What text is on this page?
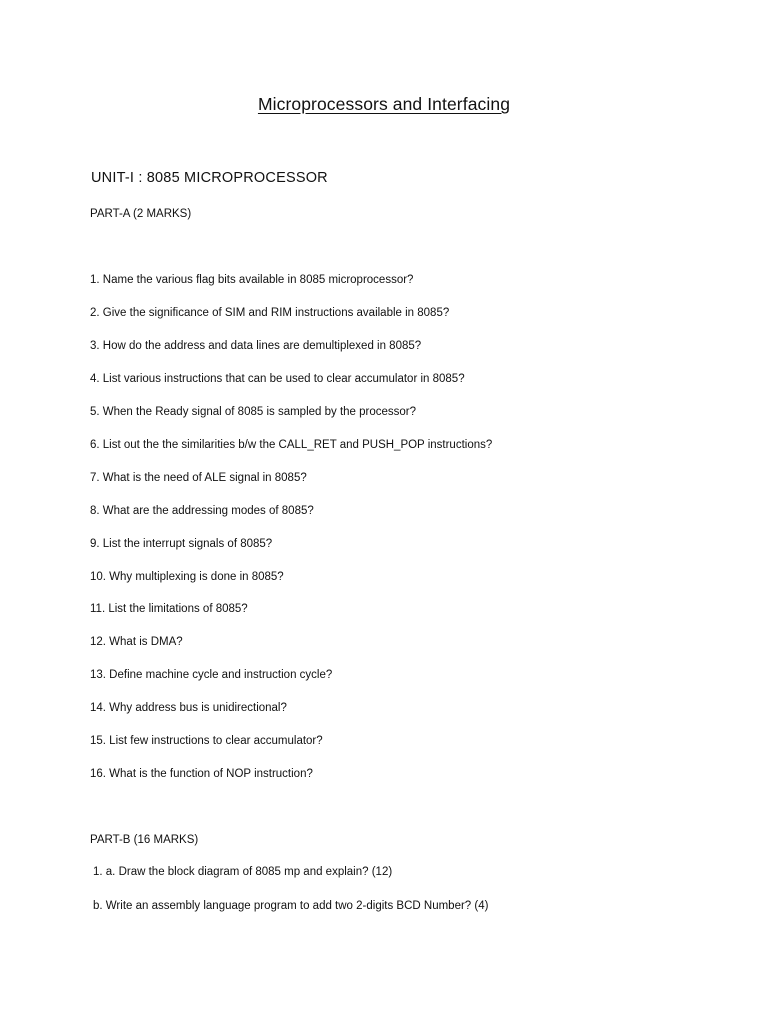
Microprocessors and Interfacing
UNIT-I : 8085 MICROPROCESSOR
PART-A (2 MARKS)
1. Name the various flag bits available in 8085 microprocessor?
2. Give the significance of SIM and RIM instructions available in 8085?
3. How do the address and data lines are demultiplexed in 8085?
4. List various instructions that can be used to clear accumulator in 8085?
5. When the Ready signal of 8085 is sampled by the processor?
6. List out the the similarities b/w the CALL_RET and PUSH_POP instructions?
7. What is the need of ALE signal in 8085?
8. What are the addressing modes of 8085?
9. List the interrupt signals of 8085?
10. Why multiplexing is done in 8085?
11. List the limitations of 8085?
12. What is DMA?
13. Define machine cycle and instruction cycle?
14. Why address bus is unidirectional?
15. List few instructions to clear accumulator?
16. What is the function of NOP instruction?
PART-B (16 MARKS)
1. a. Draw the block diagram of 8085 mp and explain? (12)
b. Write an assembly language program to add two 2-digits BCD Number? (4)
